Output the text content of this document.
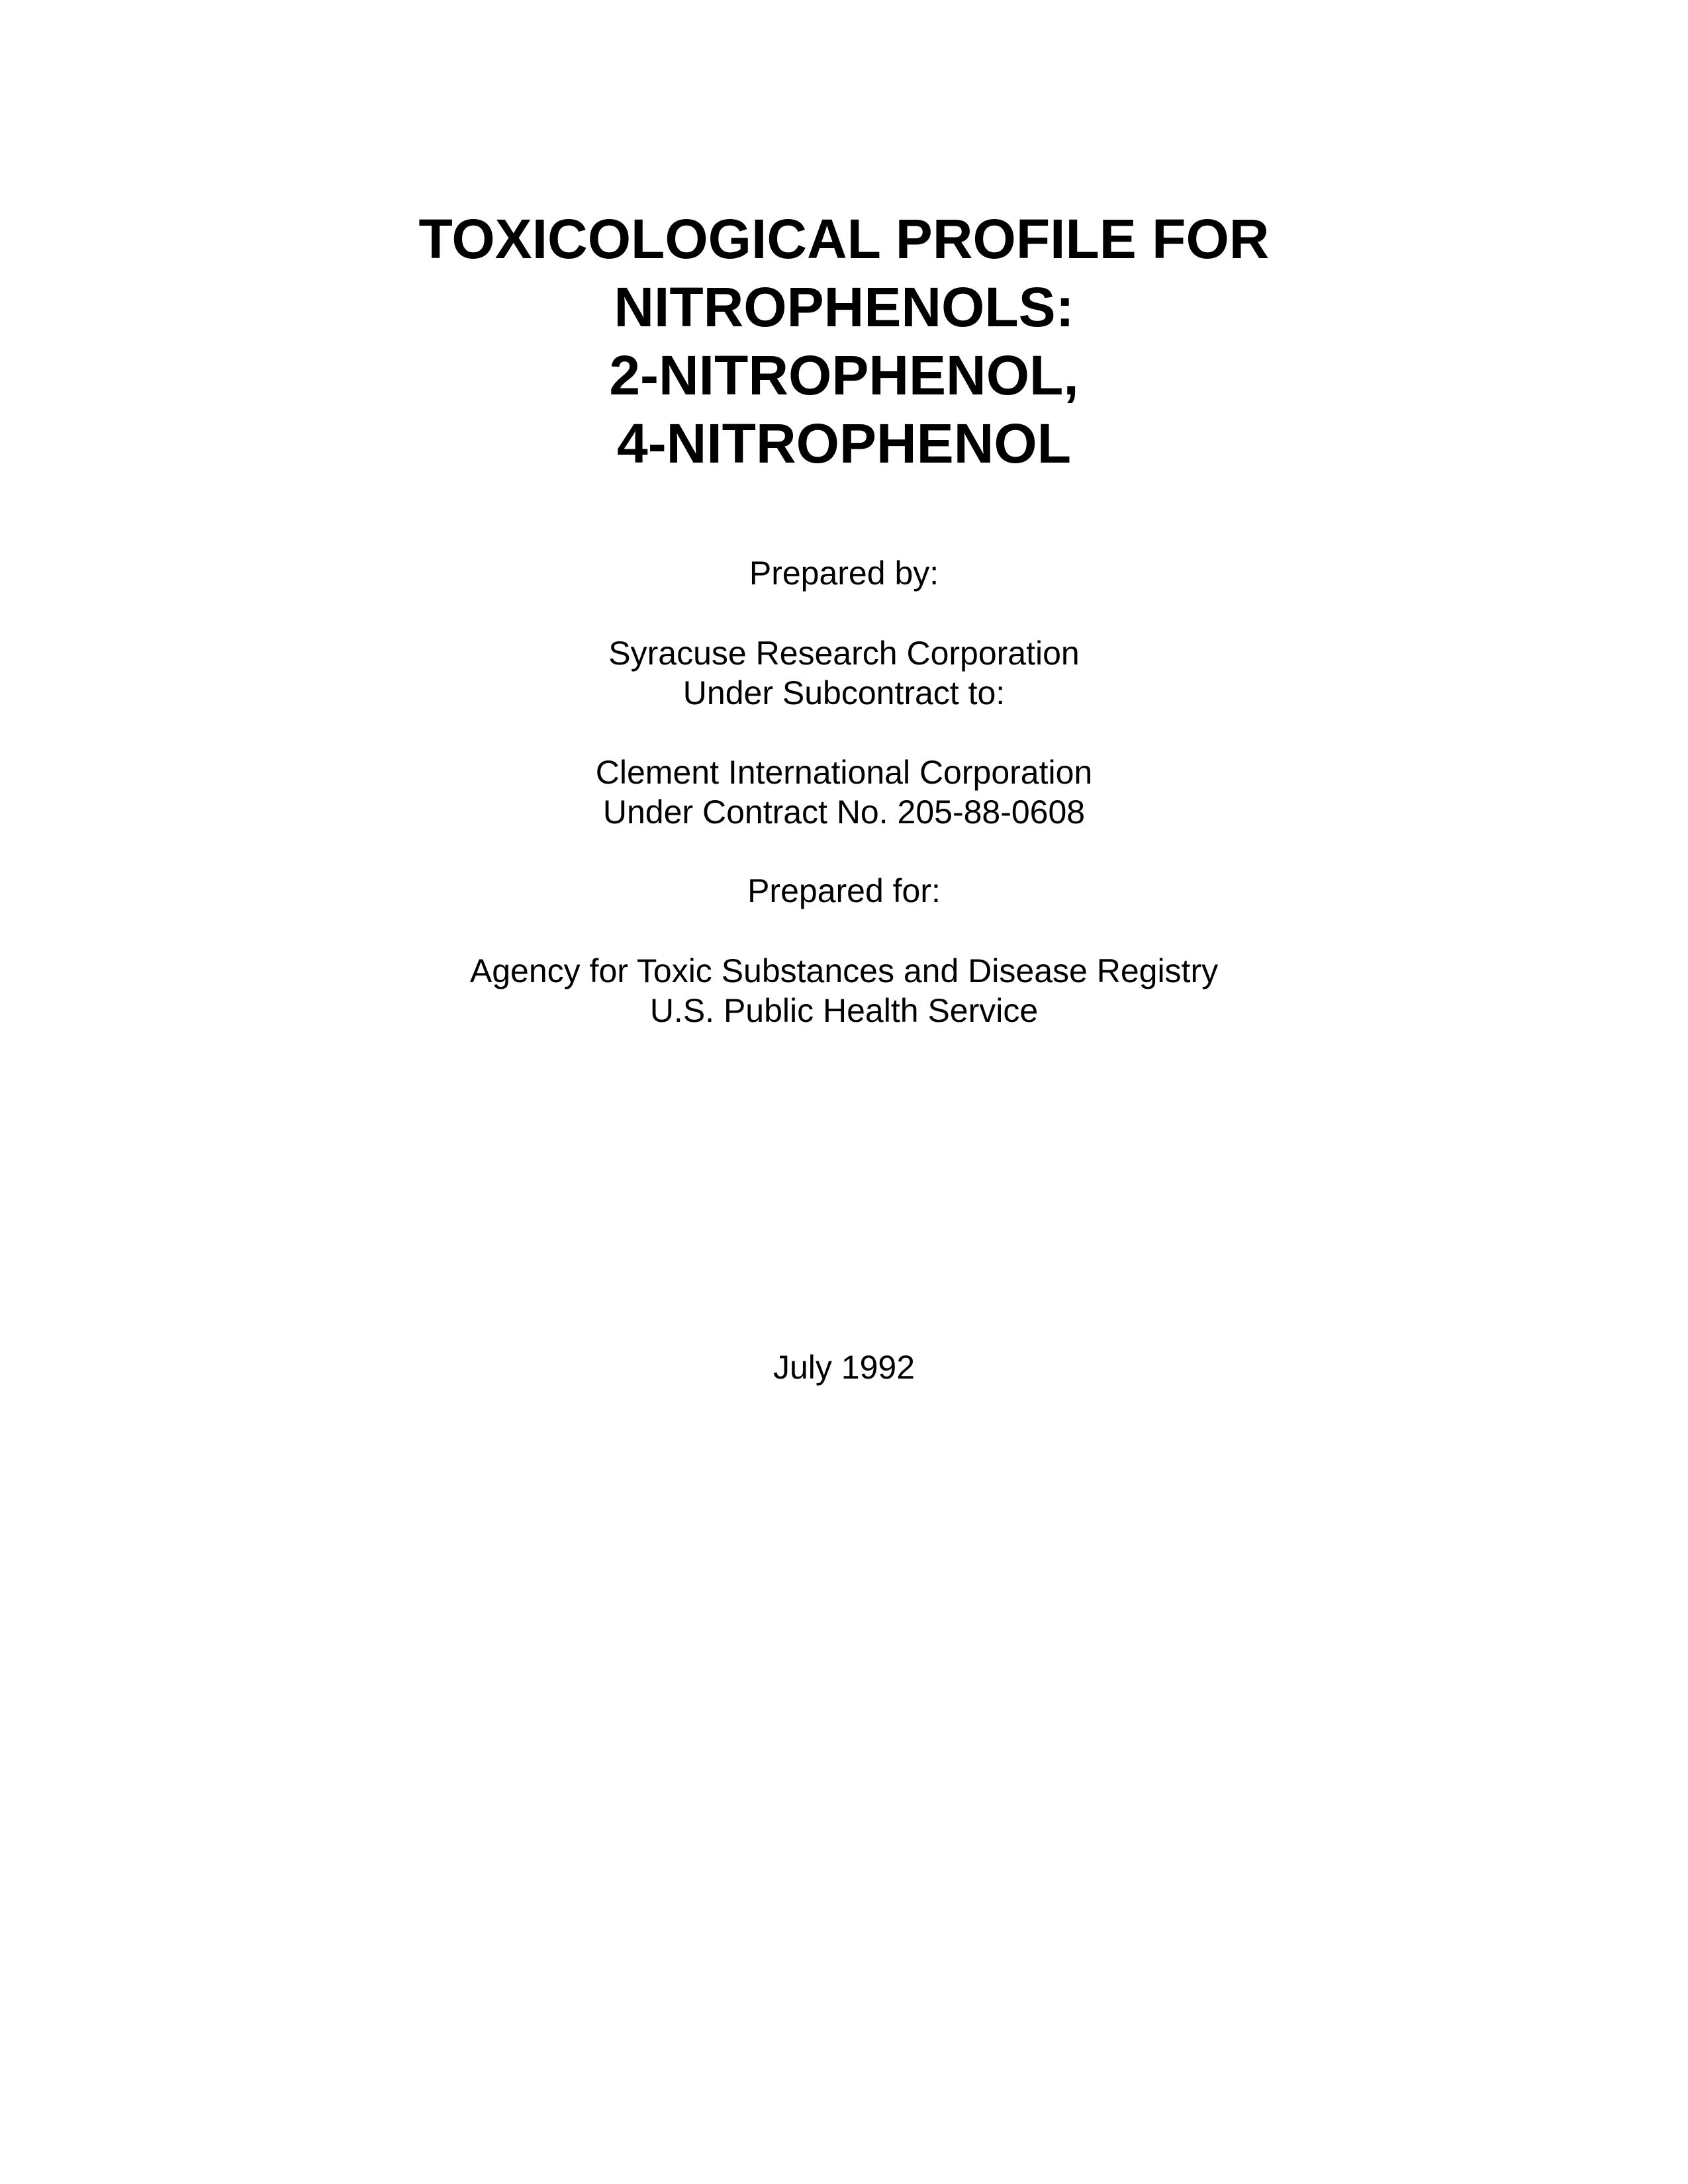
TOXICOLOGICAL PROFILE FOR
NITROPHENOLS:
2-NITROPHENOL,
4-NITROPHENOL
Prepared by:
Syracuse Research Corporation
Under Subcontract to:
Clement International Corporation
Under Contract No. 205-88-0608
Prepared for:
Agency for Toxic Substances and Disease Registry
U.S. Public Health Service
July 1992
